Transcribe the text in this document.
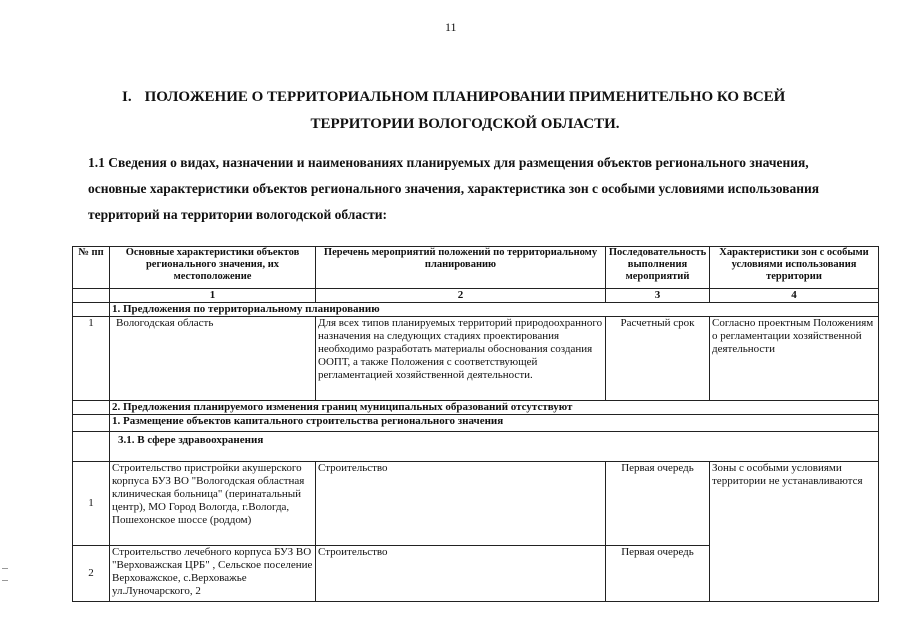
11
I. ПОЛОЖЕНИЕ О ТЕРРИТОРИАЛЬНОМ ПЛАНИРОВАНИИ ПРИМЕНИТЕЛЬНО КО ВСЕЙ
ТЕРРИТОРИИ ВОЛОГОДСКОЙ ОБЛАСТИ.
1.1 Сведения о видах, назначении и наименованиях планируемых для размещения объектов регионального значения, основные характеристики объектов регионального значения, характеристика зон с особыми условиями использования территорий на территории вологодской области:
№ пп	Основные характеристики объектов регионального значения, их местоположение	Перечень мероприятий положений по территориальному планированию	Последовательность выполнения мероприятий	Характеристики зон с особыми условиями использования территории
	1	2	3	4
	1. Предложения по территориальному планированию			
1	Вологодская область	Для всех типов планируемых территорий природоохранного назначения на следующих стадиях проектирования необходимо разработать материалы обоснования создания ООПТ, а также Положения с соответствующей регламентацией хозяйственной деятельности.	Расчетный срок	Согласно проектным Положениям о регламентации хозяйственной деятельности
	2. Предложения планируемого изменения границ муниципальных образований отсутствуют			
	1. Размещение объектов капитального строительства регионального значения			
	3.1. В сфере здравоохранения			
1	Строительство пристройки акушерского корпуса БУЗ ВО "Вологодская областная клиническая больница" (перинатальный центр), МО Город Вологда, г.Вологда, Пошехонское шоссе (роддом)	Строительство	Первая очередь	Зоны с особыми условиями территории не устанавливаются
2	Строительство лечебного корпуса БУЗ ВО "Верховажская ЦРБ" , Сельское поселение Верховажское, с.Верховажье ул.Луночарского, 2	Строительство	Первая очередь	
